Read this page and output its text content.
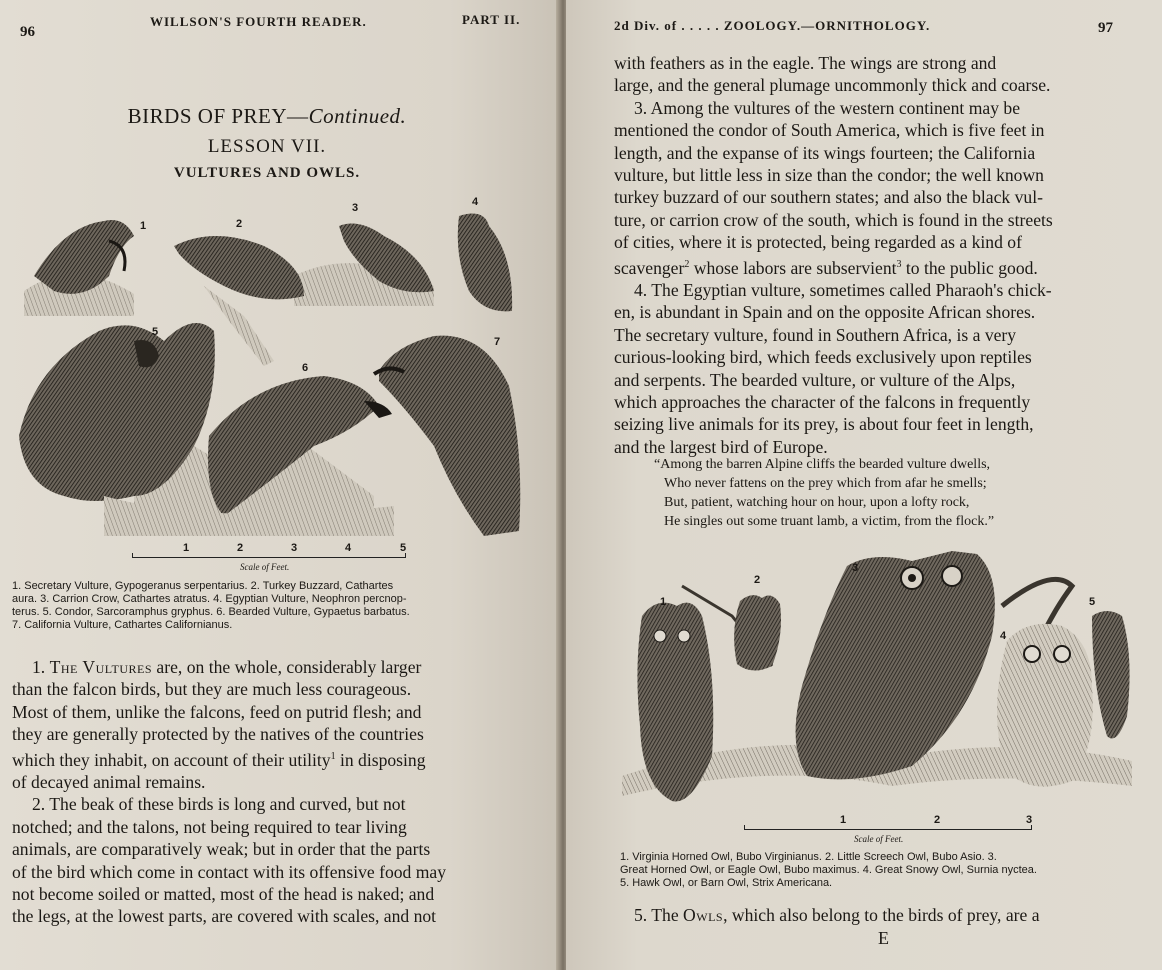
96
WILLSON'S FOURTH READER.	PART II.
BIRDS OF PREY—Continued.
LESSON VII.
VULTURES AND OWLS.
1	2
3	4
5
6
7
1	2	3	4	5
Scale of Feet.
1. Secretary Vulture, Gypogeranus serpentarius. 2. Turkey Buzzard, Cathartes
aura. 3. Carrion Crow, Cathartes atratus. 4. Egyptian Vulture, Neophron percnop-
terus. 5. Condor, Sarcoramphus gryphus. 6. Bearded Vulture, Gypaetus barbatus.
7. California Vulture, Cathartes Californianus.
1. The Vultures are, on the whole, considerably larger
than the falcon birds, but they are much less courageous.
Most of them, unlike the falcons, feed on putrid flesh; and
they are generally protected by the natives of the countries
which they inhabit, on account of their utility$^1$ in disposing
of decayed animal remains.
2. The beak of these birds is long and curved, but not
notched; and the talons, not being required to tear living
animals, are comparatively weak; but in order that the parts
of the bird which come in contact with its offensive food may
not become soiled or matted, most of the head is naked; and
the legs, at the lowest parts, are covered with scales, and not
2d Div. of . . . . . ZOOLOGY.—ORNITHOLOGY.	97
with feathers as in the eagle. The wings are strong and
large, and the general plumage uncommonly thick and coarse.
3. Among the vultures of the western continent may be
mentioned the condor of South America, which is five feet in
length, and the expanse of its wings fourteen; the California
vulture, but little less in size than the condor; the well known
turkey buzzard of our southern states; and also the black vul-
ture, or carrion crow of the south, which is found in the streets
of cities, where it is protected, being regarded as a kind of
scavenger$^2$ whose labors are subservient$^3$ to the public good.
4. The Egyptian vulture, sometimes called Pharaoh's chick-
en, is abundant in Spain and on the opposite African shores.
The secretary vulture, found in Southern Africa, is a very
curious-looking bird, which feeds exclusively upon reptiles
and serpents. The bearded vulture, or vulture of the Alps,
which approaches the character of the falcons in frequently
seizing live animals for its prey, is about four feet in length,
and the largest bird of Europe.
“Among the barren Alpine cliffs the bearded vulture dwells,
Who never fattens on the prey which from afar he smells;
But, patient, watching hour on hour, upon a lofty rock,
He singles out some truant lamb, a victim, from the flock.”
1
2
3
4
5
1	2	3
Scale of Feet.
1. Virginia Horned Owl, Bubo Virginianus. 2. Little Screech Owl, Bubo Asio. 3.
Great Horned Owl, or Eagle Owl, Bubo maximus. 4. Great Snowy Owl, Surnia nyctea.
5. Hawk Owl, or Barn Owl, Strix Americana.
5. The Owls, which also belong to the birds of prey, are a
E
